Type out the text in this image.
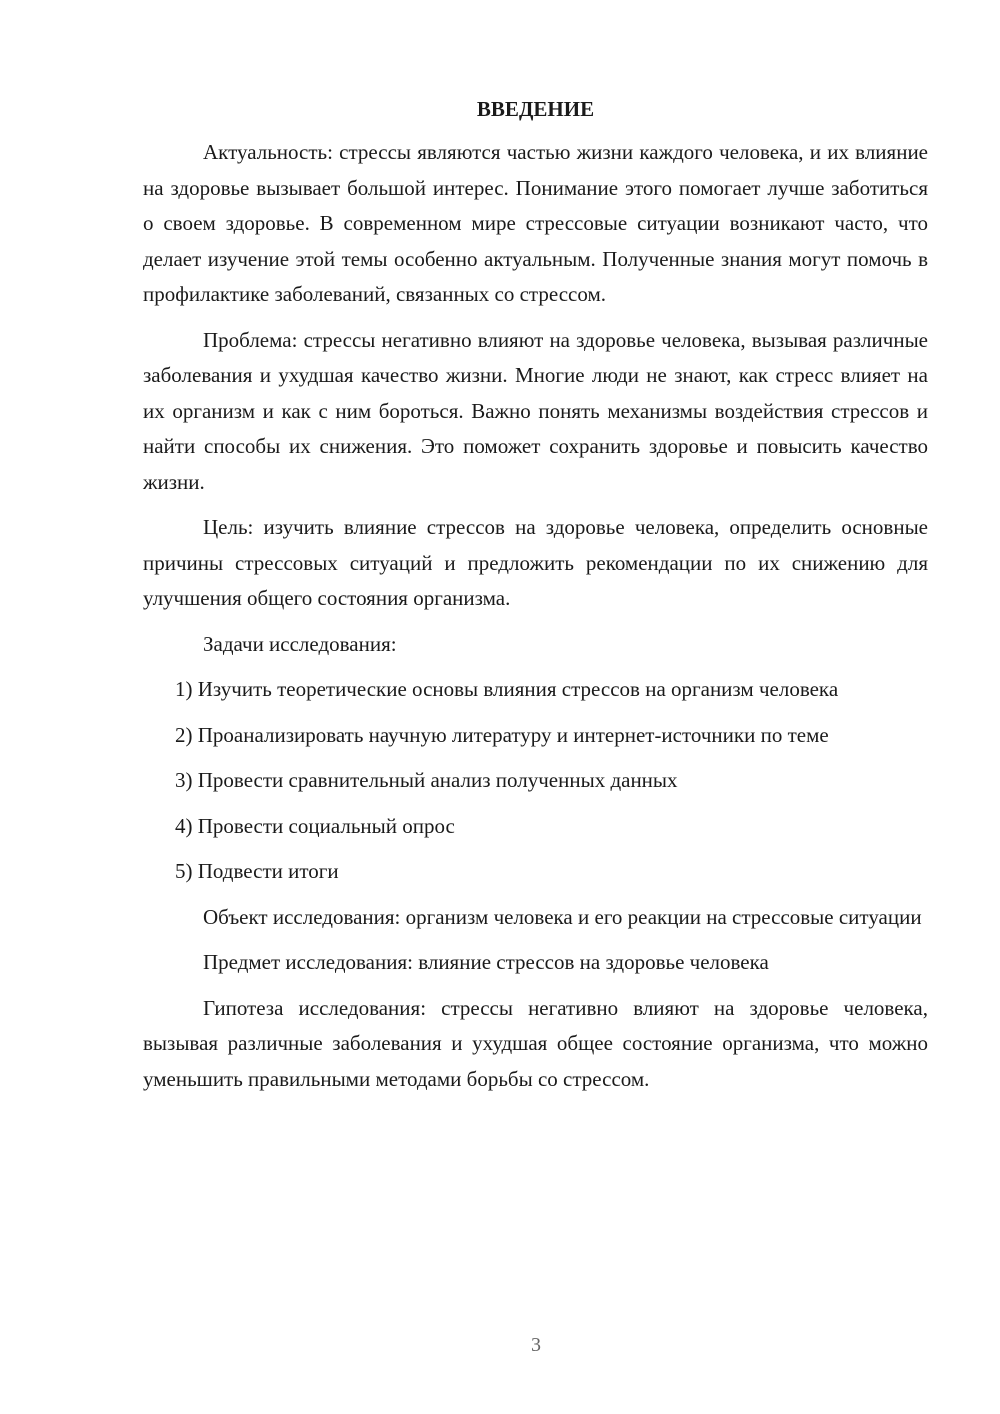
ВВЕДЕНИЕ

Актуальность: стрессы являются частью жизни каждого человека, и их влияние на здоровье вызывает большой интерес. Понимание этого помогает лучше заботиться о своем здоровье. В современном мире стрессовые ситуации возникают часто, что делает изучение этой темы особенно актуальным. Полученные знания могут помочь в профилактике заболеваний, связанных со стрессом.

Проблема: стрессы негативно влияют на здоровье человека, вызывая различные заболевания и ухудшая качество жизни. Многие люди не знают, как стресс влияет на их организм и как с ним бороться. Важно понять механизмы воздействия стрессов и найти способы их снижения. Это поможет сохранить здоровье и повысить качество жизни.

Цель: изучить влияние стрессов на здоровье человека, определить основные причины стрессовых ситуаций и предложить рекомендации по их снижению для улучшения общего состояния организма.

Задачи исследования:

1) Изучить теоретические основы влияния стрессов на организм человека

2) Проанализировать научную литературу и интернет-источники по теме

3) Провести сравнительный анализ полученных данных

4) Провести социальный опрос

5) Подвести итоги

Объект исследования: организм человека и его реакции на стрессовые ситуации

Предмет исследования: влияние стрессов на здоровье человека

Гипотеза исследования: стрессы негативно влияют на здоровье человека, вызывая различные заболевания и ухудшая общее состояние организма, что можно уменьшить правильными методами борьбы со стрессом.

3
